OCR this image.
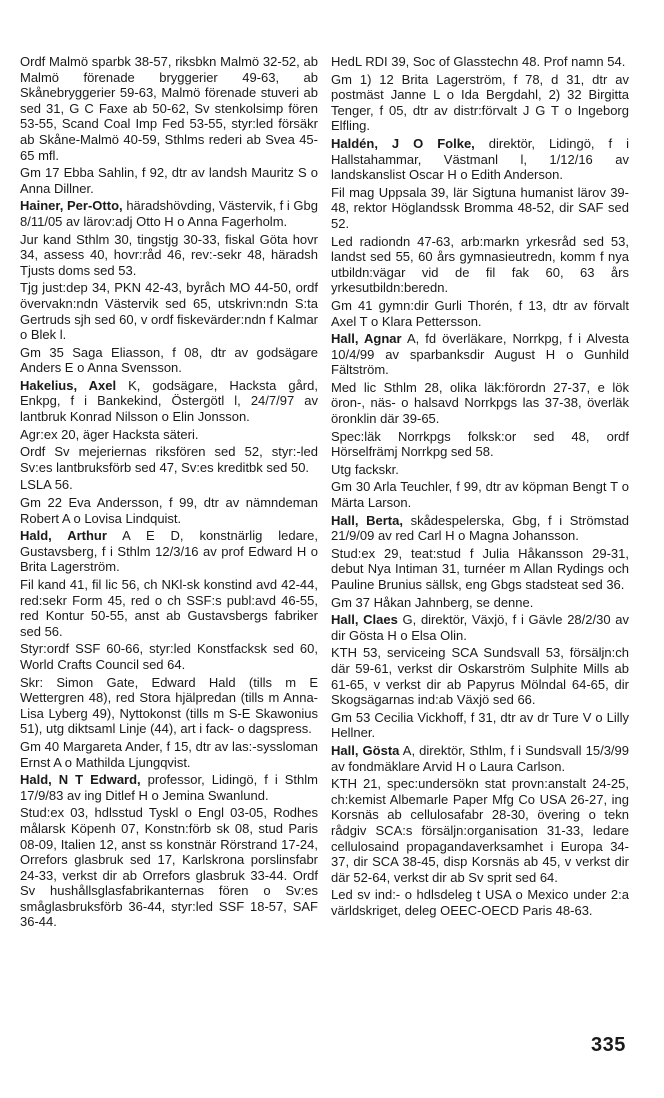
Ordf Malmö sparbk 38-57, riksbkn Malmö 32-52, ab Malmö förenade bryggerier 49-63, ab Skånebryggerier 59-63, Malmö förenade stuveri ab sed 31, G C Faxe ab 50-62, Sv stenkolsimp fören 53-55, Scand Coal Imp Fed 53-55, styr:led försäkr ab Skåne-Malmö 40-59, Sthlms rederi ab Svea 45-65 mfl.

Gm 17 Ebba Sahlin, f 92, dtr av landsh Mauritz S o Anna Dillner.

Hainer, Per-Otto, häradshövding, Västervik, f i Gbg 8/11/05 av lärov:adj Otto H o Anna Fagerholm.

Jur kand Sthlm 30, tingstjg 30-33, fiskal Göta hovr 34, assess 40, hovr:råd 46, rev:-sekr 48, häradsh Tjusts doms sed 53.

Tjg just:dep 34, PKN 42-43, byråch MO 44-50, ordf övervakn:ndn Västervik sed 65, utskrivn:ndn S:ta Gertruds sjh sed 60, v ordf fiskevärder:ndn f Kalmar o Blek l.

Gm 35 Saga Eliasson, f 08, dtr av godsägare Anders E o Anna Svensson.

Hakelius, Axel K, godsägare, Hacksta gård, Enkpg, f i Bankekind, Östergötl l, 24/7/97 av lantbruk Konrad Nilsson o Elin Jonsson.

Agr:ex 20, äger Hacksta säteri.

Ordf Sv mejeriernas riksfören sed 52, styr:-led Sv:es lantbruksförb sed 47, Sv:es kreditbk sed 50.

LSLA 56.

Gm 22 Eva Andersson, f 99, dtr av nämndeman Robert A o Lovisa Lindquist.

Hald, Arthur A E D, konstnärlig ledare, Gustavsberg, f i Sthlm 12/3/16 av prof Edward H o Brita Lagerström.

Fil kand 41, fil lic 56, ch NKl-sk konstind avd 42-44, red:sekr Form 45, red o ch SSF:s publ:avd 46-55, red Kontur 50-55, anst ab Gustavsbergs fabriker sed 56.

Styr:ordf SSF 60-66, styr:led Konstfacksk sed 60, World Crafts Council sed 64.

Skr: Simon Gate, Edward Hald (tills m E Wettergren 48), red Stora hjälpredan (tills m Anna-Lisa Lyberg 49), Nyttokonst (tills m S-E Skawonius 51), utg diktsaml Linje (44), art i fack- o dagspress.

Gm 40 Margareta Ander, f 15, dtr av las:-syssloman Ernst A o Mathilda Ljungqvist.

Hald, N T Edward, professor, Lidingö, f i Sthlm 17/9/83 av ing Ditlef H o Jemina Swanlund.

Stud:ex 03, hdlsstud Tyskl o Engl 03-05, Rodhes målarsk Köpenh 07, Konstn:förb sk 08, stud Paris 08-09, Italien 12, anst ss konstnär Rörstrand 17-24, Orrefors glasbruk sed 17, Karlskrona porslinsfabr 24-33, verkst dir ab Orrefors glasbruk 33-44. Ordf Sv hushållsglasfabrikanternas fören o Sv:es småglasbruksförb 36-44, styr:led SSF 18-57, SAF 36-44.

HedL RDI 39, Soc of Glasstechn 48. Prof namn 54.

Gm 1) 12 Brita Lagerström, f 78, d 31, dtr av postmäst Janne L o Ida Bergdahl, 2) 32 Birgitta Tenger, f 05, dtr av distr:förvalt J G T o Ingeborg Elfling.

Haldén, J O Folke, direktör, Lidingö, f i Hallstahammar, Västmanl l, 1/12/16 av landskanslist Oscar H o Edith Anderson.

Fil mag Uppsala 39, lär Sigtuna humanist lärov 39-48, rektor Höglandssk Bromma 48-52, dir SAF sed 52.

Led radiondn 47-63, arb:markn yrkesråd sed 53, landst sed 55, 60 års gymnasieutredn, komm f nya utbildn:vägar vid de fil fak 60, 63 års yrkesutbildn:beredn.

Gm 41 gymn:dir Gurli Thorén, f 13, dtr av förvalt Axel T o Klara Pettersson.

Hall, Agnar A, fd överläkare, Norrkpg, f i Alvesta 10/4/99 av sparbanksdir August H o Gunhild Fältström.

Med lic Sthlm 28, olika läk:förordn 27-37, e lök öron-, näs- o halsavd Norrkpgs las 37-38, överläk öronklin där 39-65.

Spec:läk Norrkpgs folksk:or sed 48, ordf Hörselfrämj Norrkpg sed 58.

Utg fackskr.

Gm 30 Arla Teuchler, f 99, dtr av köpman Bengt T o Märta Larson.

Hall, Berta, skådespelerska, Gbg, f i Strömstad 21/9/09 av red Carl H o Magna Johansson.

Stud:ex 29, teat:stud f Julia Håkansson 29-31, debut Nya Intiman 31, turnéer m Allan Rydings och Pauline Brunius sällsk, eng Gbgs stadsteat sed 36.

Gm 37 Håkan Jahnberg, se denne.

Hall, Claes G, direktör, Växjö, f i Gävle 28/2/30 av dir Gösta H o Elsa Olin.

KTH 53, serviceing SCA Sundsvall 53, försäljn:ch där 59-61, verkst dir Oskarström Sulphite Mills ab 61-65, v verkst dir ab Papyrus Mölndal 64-65, dir Skogsägarnas ind:ab Växjö sed 66.

Gm 53 Cecilia Vickhoff, f 31, dtr av dr Ture V o Lilly Hellner.

Hall, Gösta A, direktör, Sthlm, f i Sundsvall 15/3/99 av fondmäklare Arvid H o Laura Carlson.

KTH 21, spec:undersökn stat provn:anstalt 24-25, ch:kemist Albemarle Paper Mfg Co USA 26-27, ing Korsnäs ab cellulosafabr 28-30, övering o tekn rådgiv SCA:s försäljn:organisation 31-33, ledare cellulosaind propagandaverksamhet i Europa 34-37, dir SCA 38-45, disp Korsnäs ab 45, v verkst dir där 52-64, verkst dir ab Sv sprit sed 64.

Led sv ind:- o hdlsdeleg t USA o Mexico under 2:a världskriget, deleg OEEC-OECD Paris 48-63.

335
